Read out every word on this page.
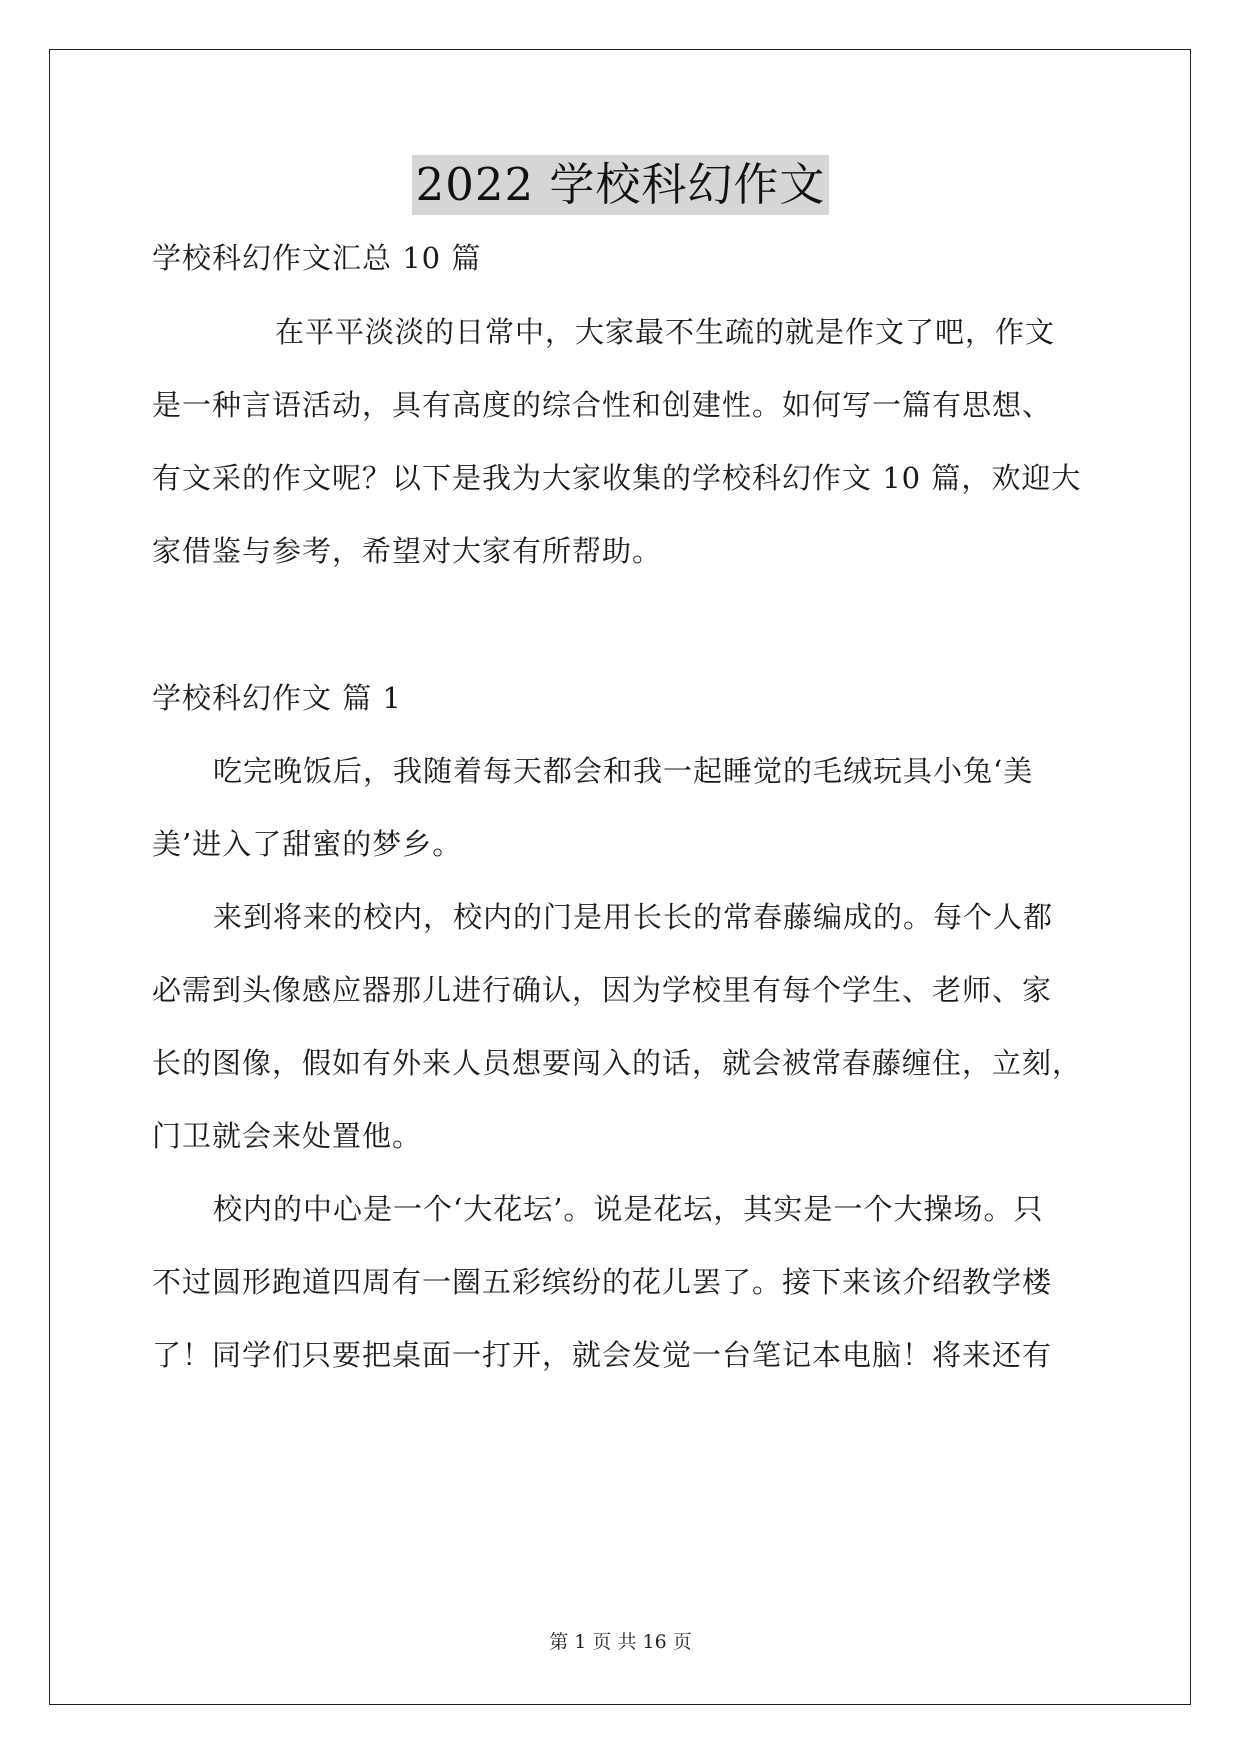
2022 学校科幻作文
学校科幻作文汇总 10 篇
在平平淡淡的日常中，大家最不生疏的就是作文了吧，作文
是一种言语活动，具有高度的综合性和创建性。如何写一篇有思想、
有文采的作文呢？以下是我为大家收集的学校科幻作文 10 篇，欢迎大
家借鉴与参考，希望对大家有所帮助。
学校科幻作文 篇 1
吃完晚饭后，我随着每天都会和我一起睡觉的毛绒玩具小兔‘美
美’进入了甜蜜的梦乡。
来到将来的校内，校内的门是用长长的常春藤编成的。每个人都
必需到头像感应器那儿进行确认，因为学校里有每个学生、老师、家
长的图像，假如有外来人员想要闯入的话，就会被常春藤缠住，立刻，
门卫就会来处置他。
校内的中心是一个‘大花坛’。说是花坛，其实是一个大操场。只
不过圆形跑道四周有一圈五彩缤纷的花儿罢了。接下来该介绍教学楼
了！同学们只要把桌面一打开，就会发觉一台笔记本电脑！将来还有
第 1 页 共 16 页
